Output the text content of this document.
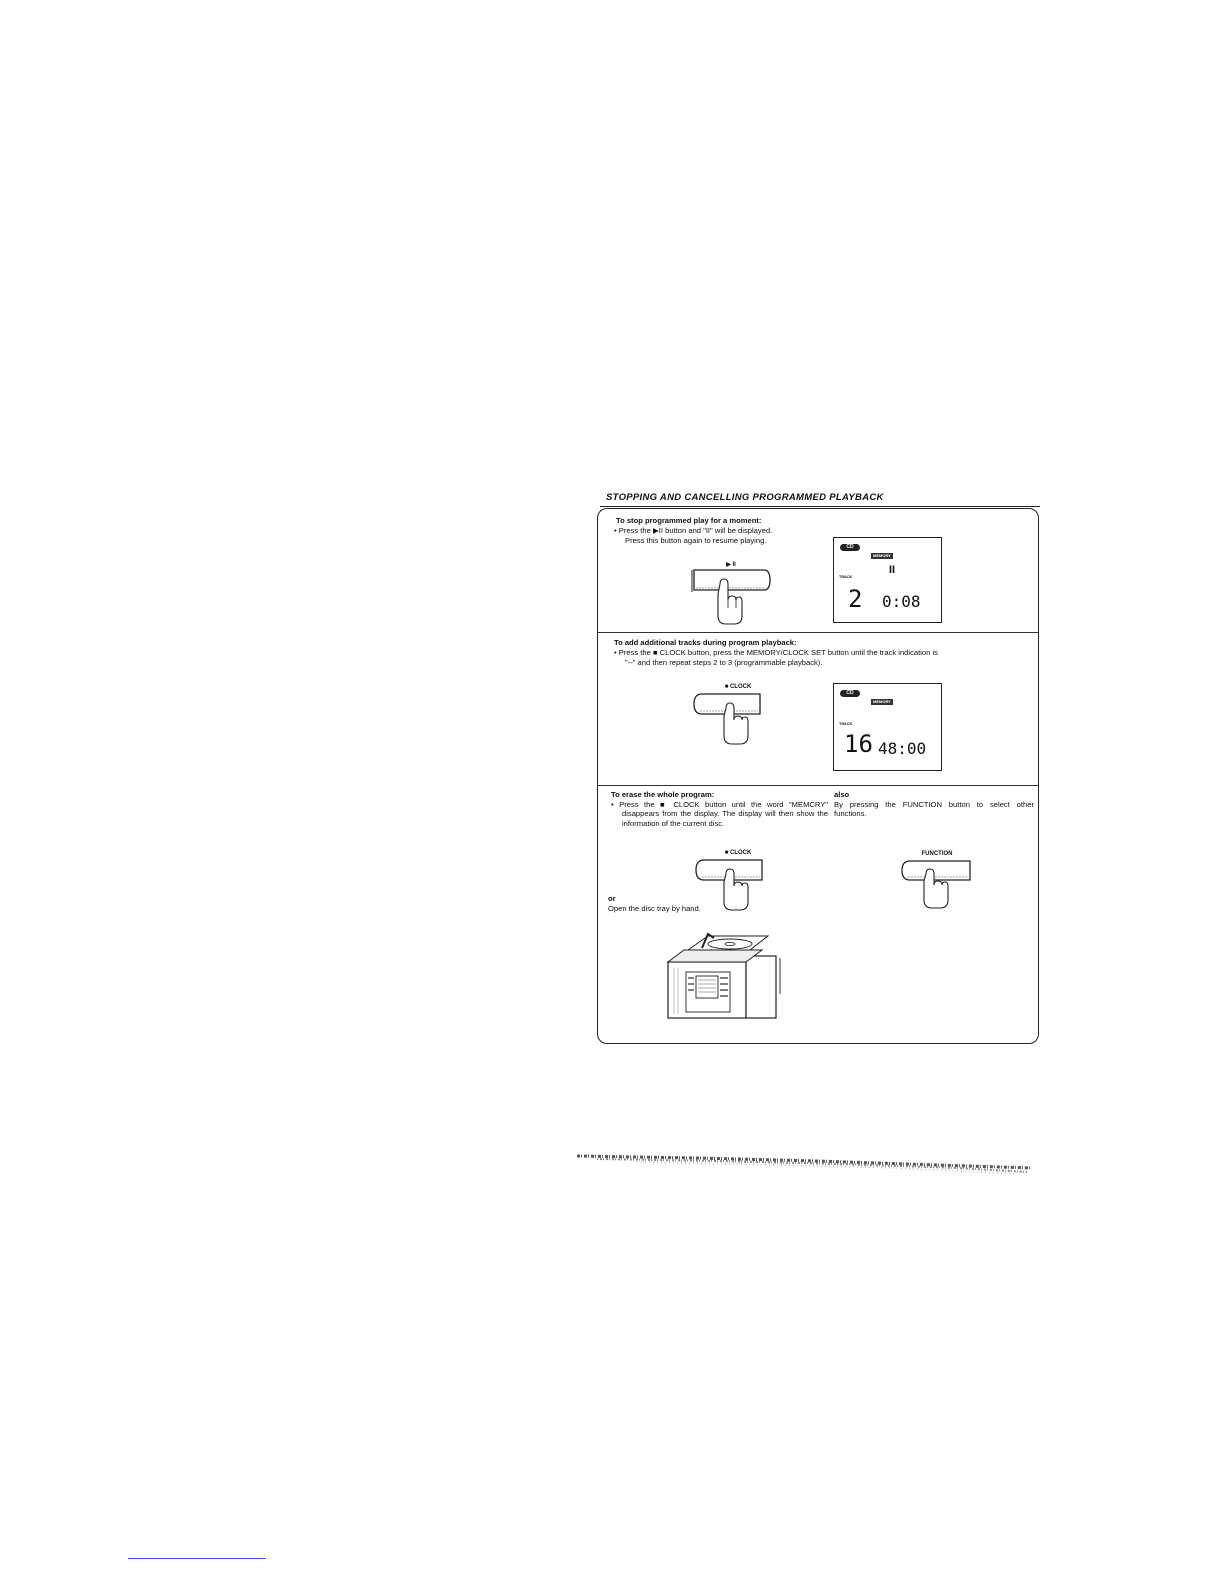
STOPPING AND CANCELLING PROGRAMMED PLAYBACK
To stop programmed play for a moment:
• Press the ▶II button and "II" will be displayed.
Press this button again to resume playing.
▶ II
CD
MEMORY
II
TRACK
2 0:08
To add additional tracks during program playback:
• Press the ■ CLOCK button, press the MEMORY/CLOCK SET button until the track indication is
"--" and then repeat steps 2 to 3 (programmable playback).
■ CLOCK
CD
MEMORY
TRACK
16 48:00
To erase the whole program:
• Press the ■ CLOCK button until the word "MEMCRY" disappears from the display. The display will then show the information of the current disc.
also
By pressing the FUNCTION button to select other functions.
■ CLOCK	FUNCTION
or
Open the disc tray by hand.
